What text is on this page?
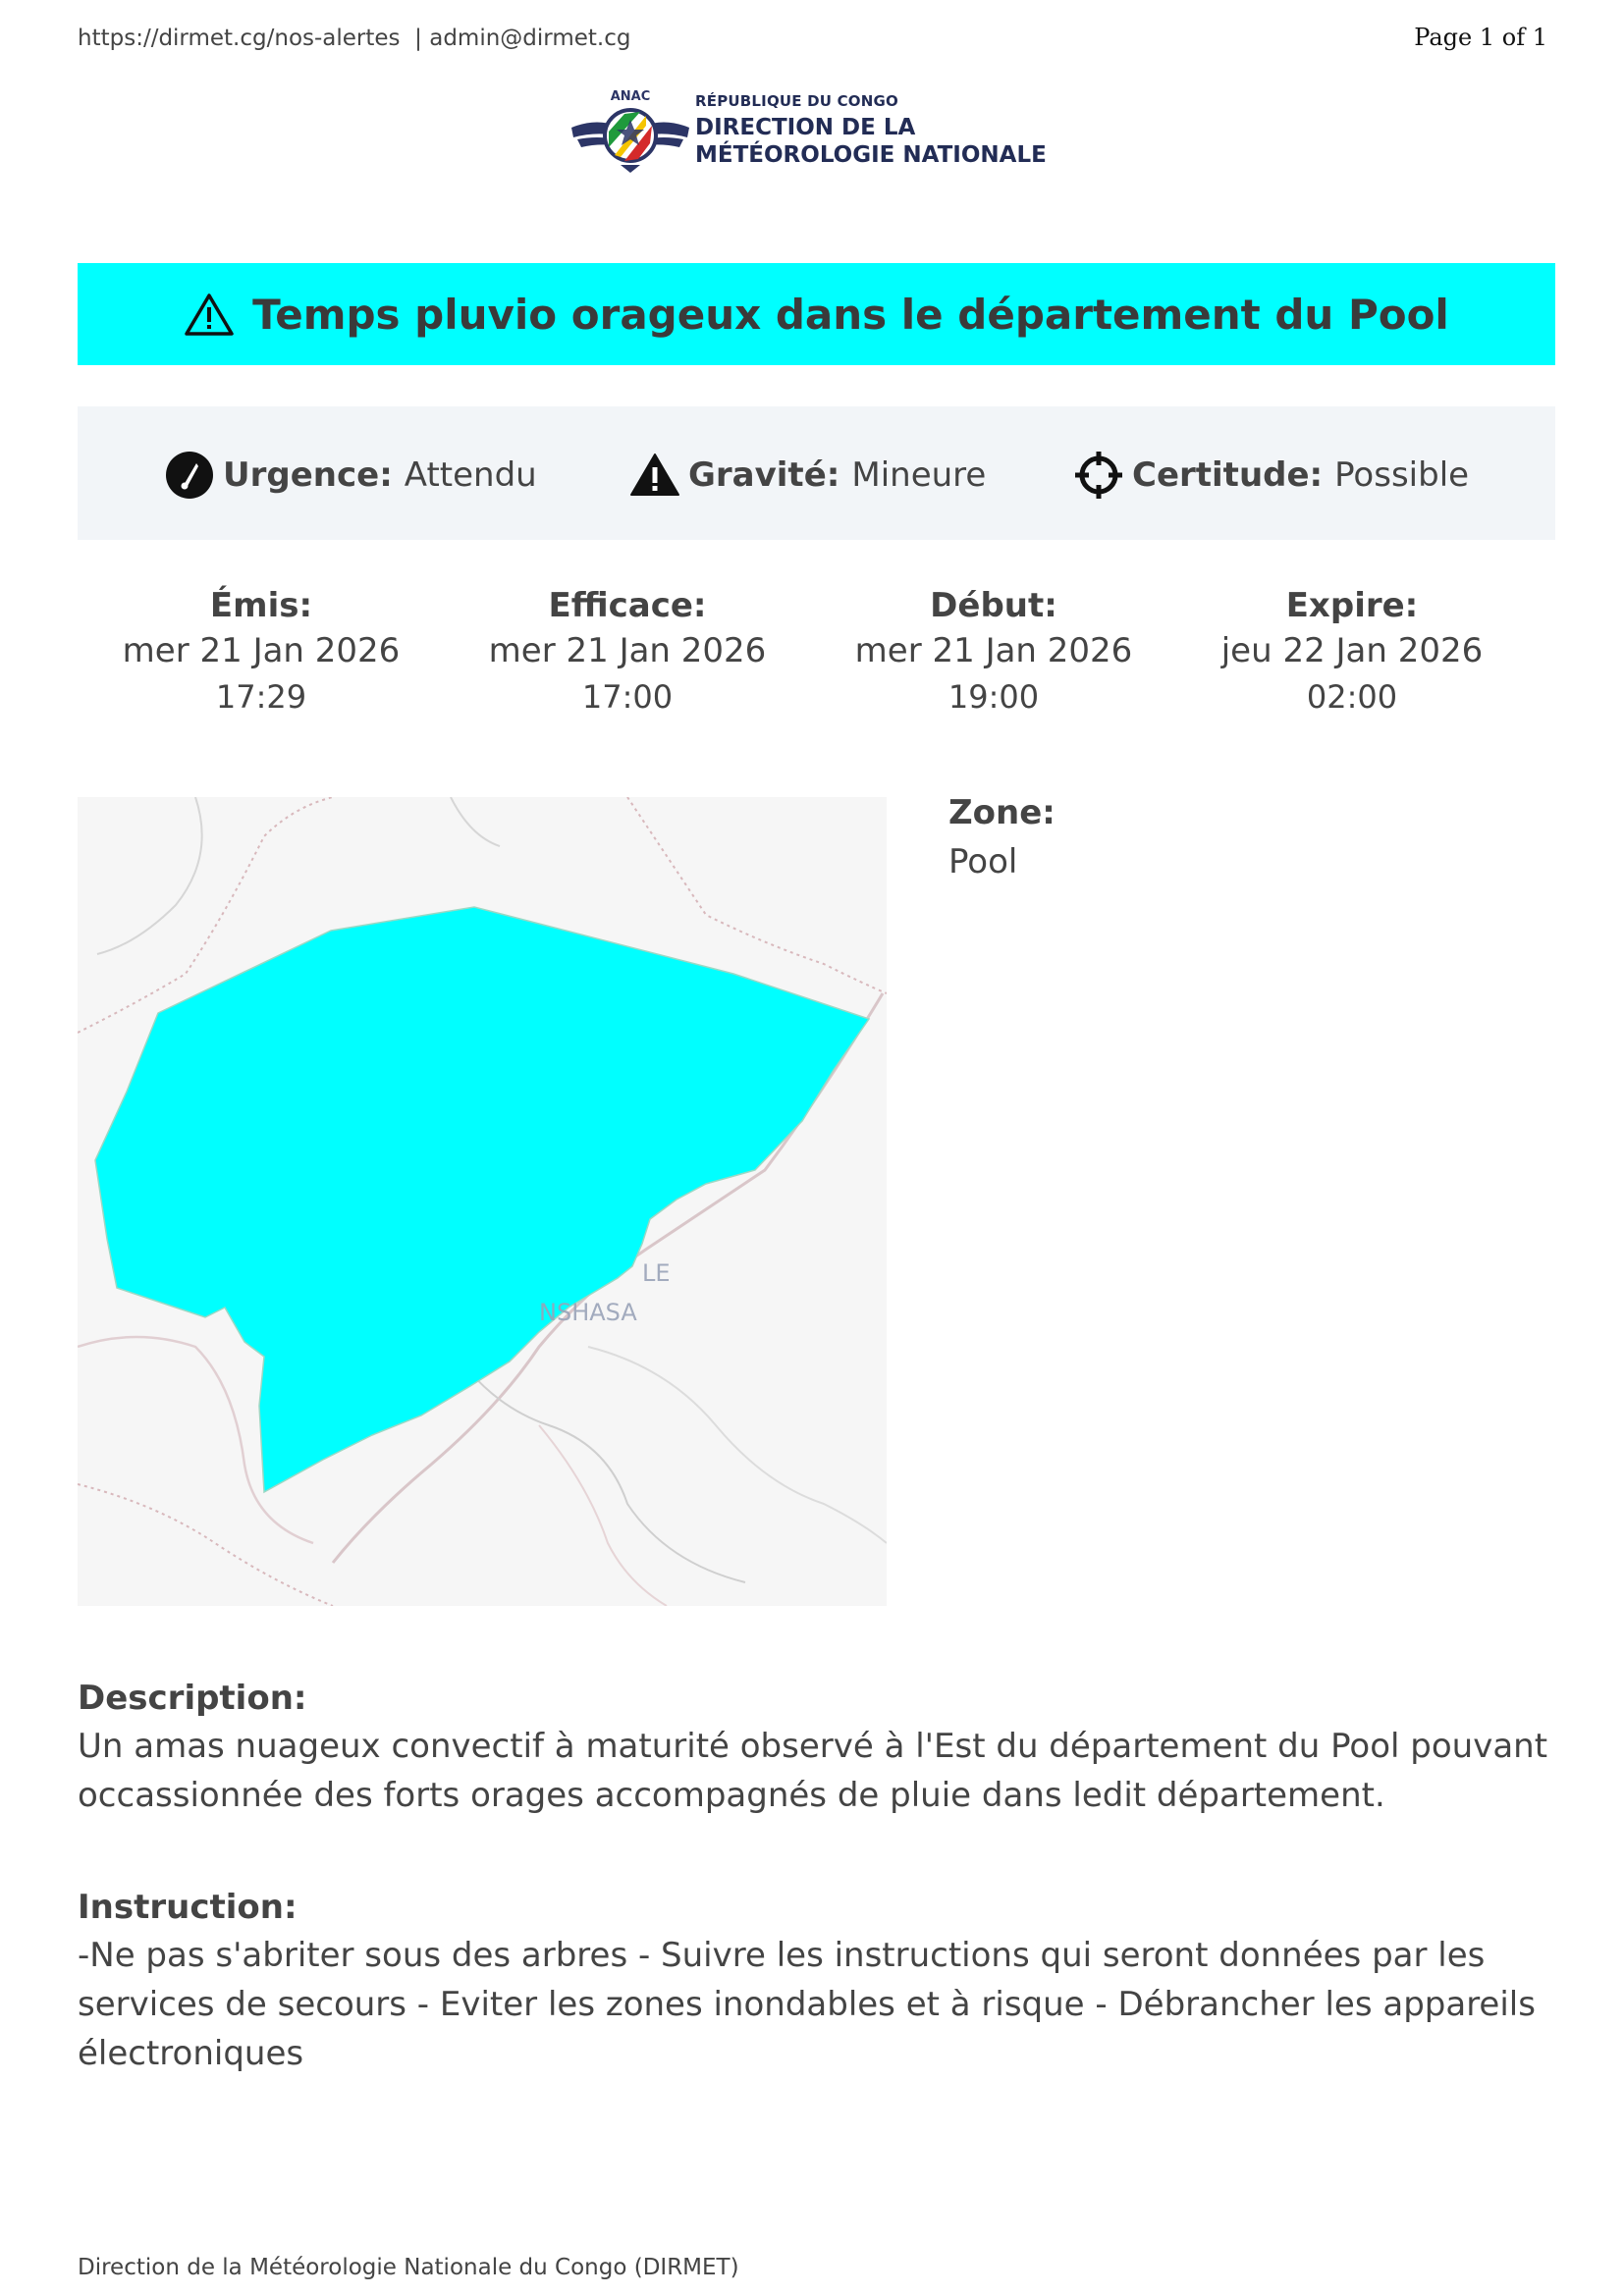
https://dirmet.cg/nos-alertes | admin@dirmet.cg	Page 1 of 1
ANAC	RÉPUBLIQUE DU CONGO
DIRECTION DE LA
MÉTÉOROLOGIE NATIONALE
Temps pluvio orageux dans le département du Pool
Urgence: Attendu	Gravité: Mineure	Certitude: Possible
Émis:
mer 21 Jan 2026
17:29
Efficace:
mer 21 Jan 2026
17:00
Début:
mer 21 Jan 2026
19:00
Expire:
jeu 22 Jan 2026
02:00
LE
NSHASA
Zone:
Pool
Description:
Un amas nuageux convectif à maturité observé à l'Est du département du Pool pouvant occassionnée des forts orages accompagnés de pluie dans ledit département.
Instruction:
-Ne pas s'abriter sous des arbres - Suivre les instructions qui seront données par les services de secours - Eviter les zones inondables et à risque - Débrancher les appareils électroniques
Direction de la Météorologie Nationale du Congo (DIRMET)
